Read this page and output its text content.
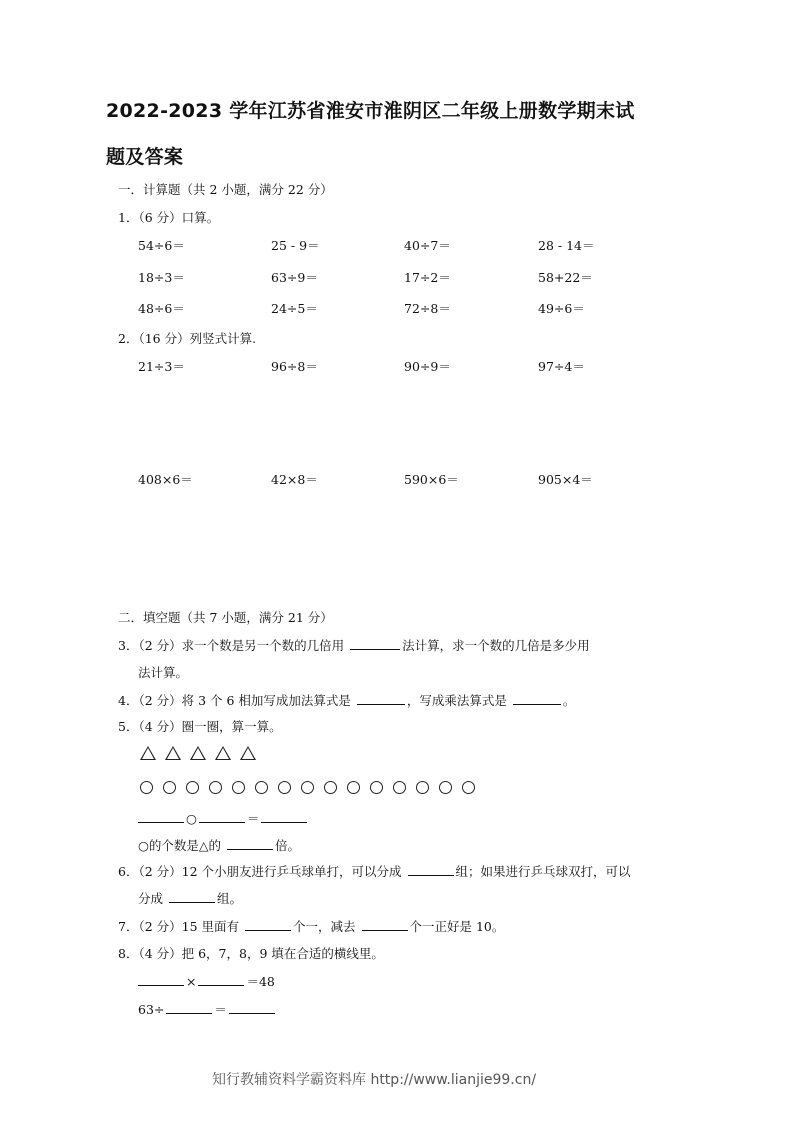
2022-2023 学年江苏省淮安市淮阴区二年级上册数学期末试
题及答案
一．计算题（共 2 小题，满分 22 分）
1．（6 分）口算。
54÷6＝	25 - 9＝	40÷7＝	28 - 14＝
18÷3＝	63÷9＝	17÷2＝	58+22＝
48÷6＝	24÷5＝	72÷8＝	49÷6＝
2．（16 分）列竖式计算.
21÷3＝	96÷8＝	90÷9＝	97÷4＝
408×6＝	42×8＝	590×6＝	905×4＝
二．填空题（共 7 小题，满分 21 分）
3．（2 分）求一个数是另一个数的几倍用	法计算，求一个数的几倍是多少用
法计算。
4．（2 分）将 3 个 6 相加写成加法算式是	，写成乘法算式是	。
5．（4 分）圈一圈，算一算。
○	＝
○的个数是△的	倍。
6．（2 分）12 个小朋友进行乒乓球单打，可以分成	组；如果进行乒乓球双打，可以
分成	组。
7．（2 分）15 里面有	个一，减去	个一正好是 10。
8．（4 分）把 6，7，8，9 填在合适的横线里。
×	＝48
63÷	＝
知行教辅资料学霸资料库 http://www.lianjie99.cn/
